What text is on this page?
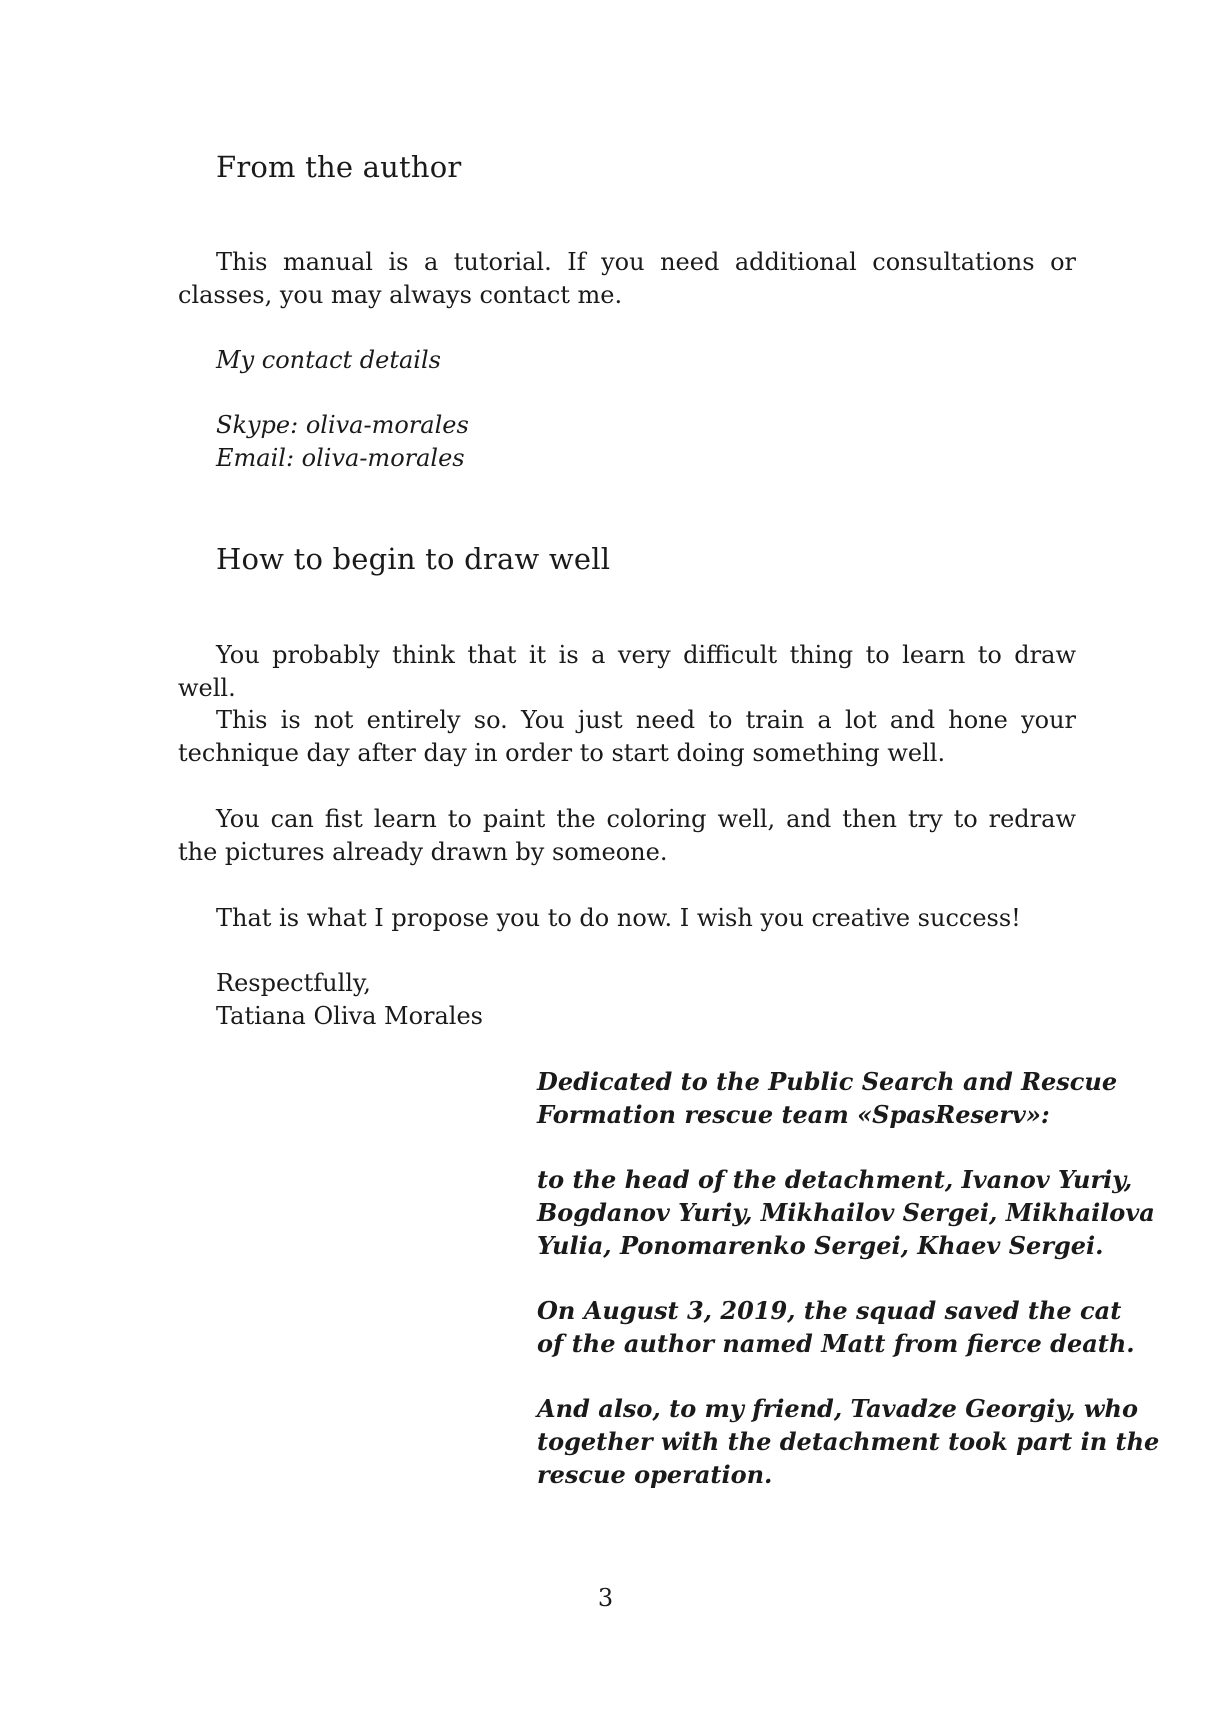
From the author

This manual is a tutorial. If you need additional consultations or classes, you may always contact me.

My contact details

Skype: oliva-morales

Email: oliva-morales

How to begin to draw well

You probably think that it is a very difficult thing to learn to draw well.

This is not entirely so. You just need to train a lot and hone your technique day after day in order to start doing something well.

You can fist learn to paint the coloring well, and then try to redraw the pictures already drawn by someone.

That is what I propose you to do now. I wish you creative success!

Respectfully,

Tatiana Oliva Morales

Dedicated to the Public Search and Rescue
Formation rescue team «SpasReserv»:
to the head of the detachment, Ivanov Yuriy,
Bogdanov Yuriy, Mikhailov Sergei, Mikhailova
Yulia, Ponomarenko Sergei, Khaev Sergei.
On August 3, 2019, the squad saved the cat
of the author named Matt from fierce death.
And also, to my friend, Tavadze Georgiy, who
together with the detachment took part in the
rescue operation.
3
